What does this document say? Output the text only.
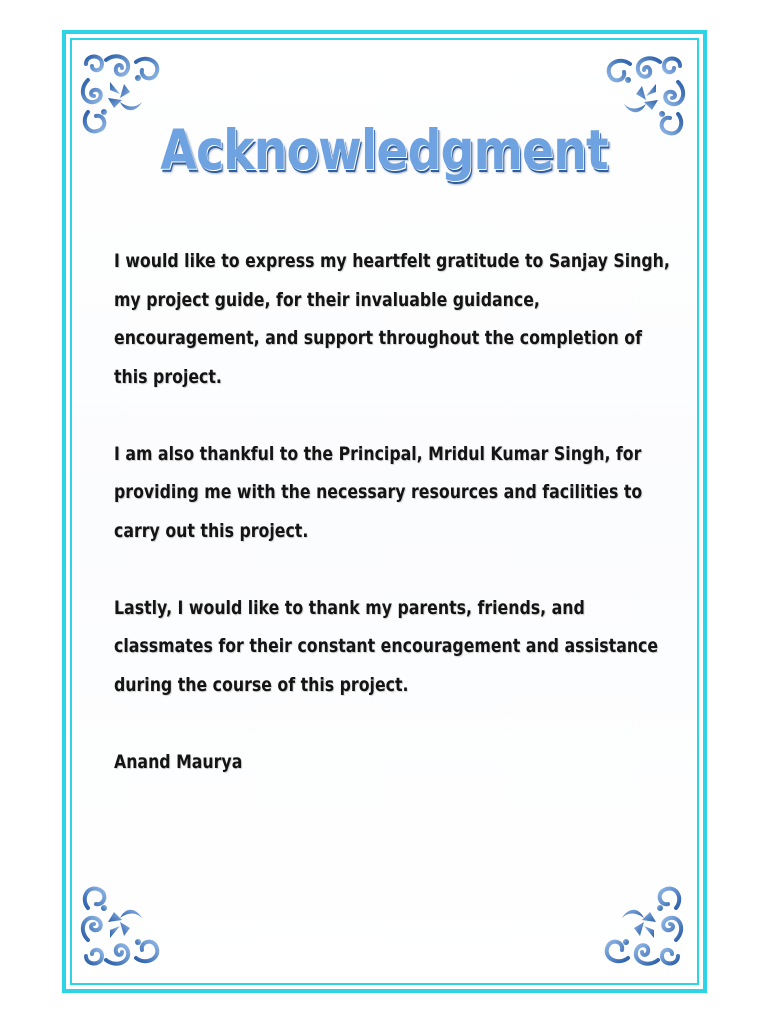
Acknowledgment

I would like to express my heartfelt gratitude to Sanjay Singh, my project guide, for their invaluable guidance, encouragement, and support throughout the completion of this project.

I am also thankful to the Principal, Mridul Kumar Singh, for providing me with the necessary resources and facilities to carry out this project.

Lastly, I would like to thank my parents, friends, and classmates for their constant encouragement and assistance during the course of this project.

Anand Maurya
